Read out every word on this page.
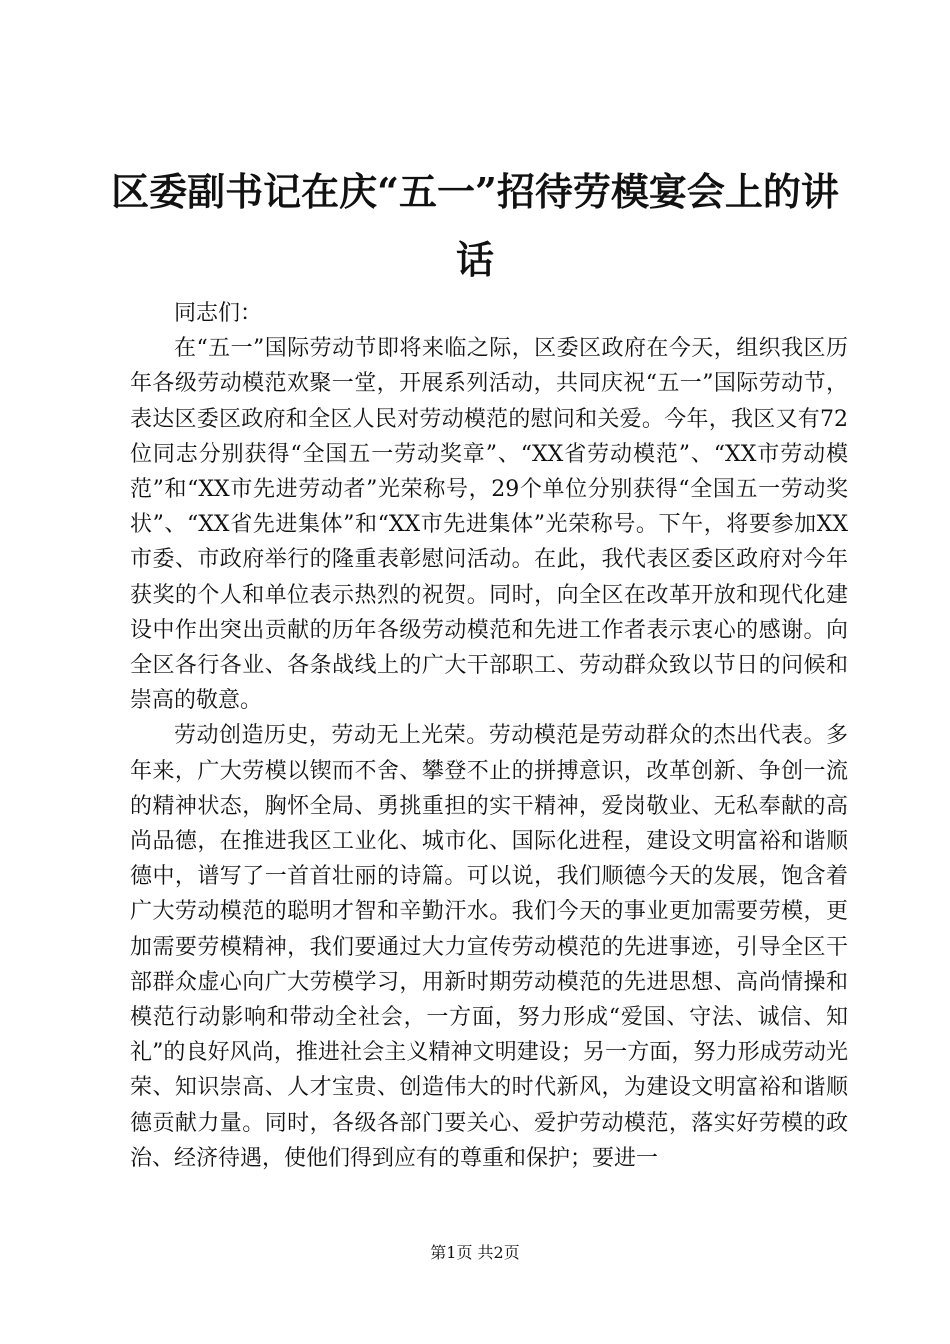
区委副书记在庆“五一”招待劳模宴会上的讲话

同志们：

在“五一”国际劳动节即将来临之际，区委区政府在今天，组织我区历年各级劳动模范欢聚一堂，开展系列活动，共同庆祝“五一”国际劳动节，表达区委区政府和全区人民对劳动模范的慰问和关爱。今年，我区又有72位同志分别获得“全国五一劳动奖章”、“XX省劳动模范”、“XX市劳动模范”和“XX市先进劳动者”光荣称号，29个单位分别获得“全国五一劳动奖状”、“XX省先进集体”和“XX市先进集体”光荣称号。下午，将要参加XX市委、市政府举行的隆重表彰慰问活动。在此，我代表区委区政府对今年获奖的个人和单位表示热烈的祝贺。同时，向全区在改革开放和现代化建设中作出突出贡献的历年各级劳动模范和先进工作者表示衷心的感谢。向全区各行各业、各条战线上的广大干部职工、劳动群众致以节日的问候和崇高的敬意。

劳动创造历史，劳动无上光荣。劳动模范是劳动群众的杰出代表。多年来，广大劳模以锲而不舍、攀登不止的拼搏意识，改革创新、争创一流的精神状态，胸怀全局、勇挑重担的实干精神，爱岗敬业、无私奉献的高尚品德，在推进我区工业化、城市化、国际化进程，建设文明富裕和谐顺德中，谱写了一首首壮丽的诗篇。可以说，我们顺德今天的发展，饱含着广大劳动模范的聪明才智和辛勤汗水。我们今天的事业更加需要劳模，更加需要劳模精神，我们要通过大力宣传劳动模范的先进事迹，引导全区干部群众虚心向广大劳模学习，用新时期劳动模范的先进思想、高尚情操和模范行动影响和带动全社会，一方面，努力形成“爱国、守法、诚信、知礼”的良好风尚，推进社会主义精神文明建设；另一方面，努力形成劳动光荣、知识崇高、人才宝贵、创造伟大的时代新风，为建设文明富裕和谐顺德贡献力量。同时，各级各部门要关心、爱护劳动模范，落实好劳模的政治、经济待遇，使他们得到应有的尊重和保护；要进一

第1页 共2页
